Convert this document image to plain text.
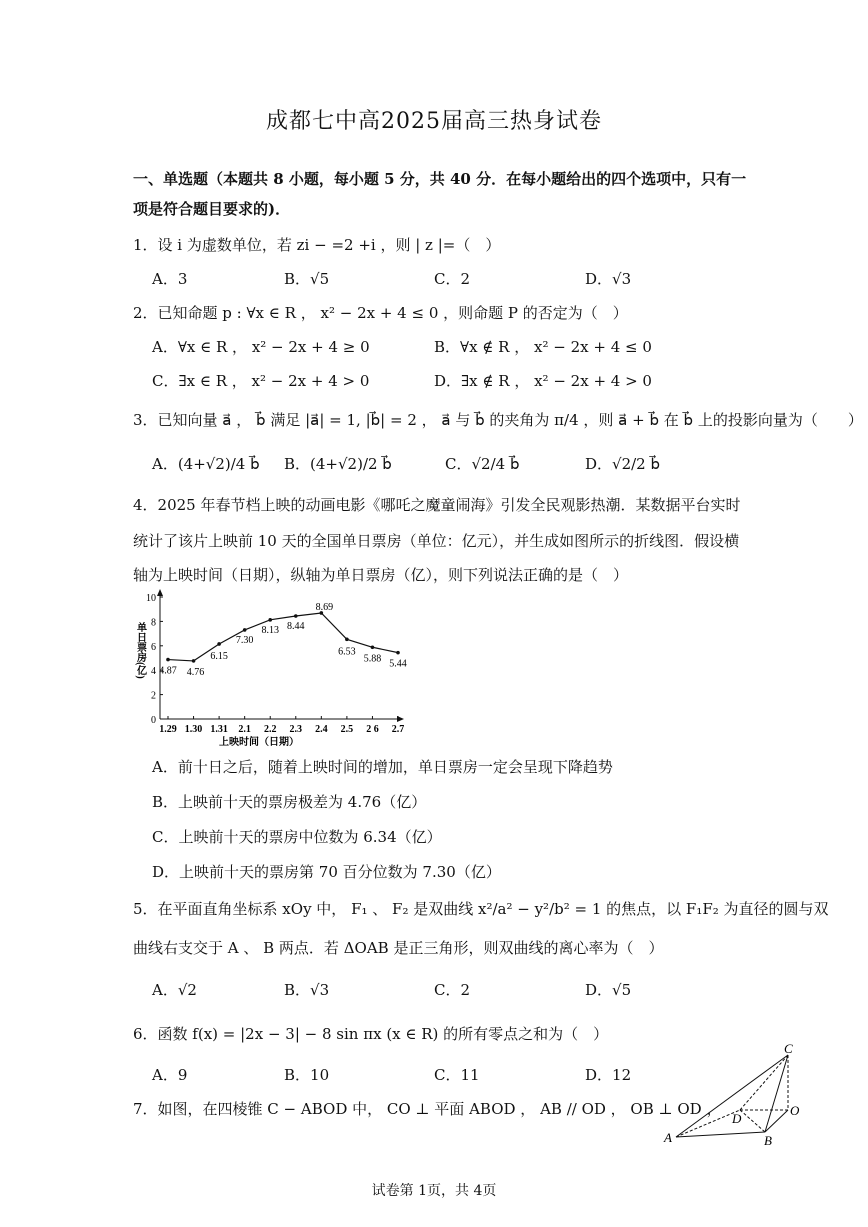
成都七中高2025届高三热身试卷
一、单选题（本题共 8 小题，每小题 5 分，共 40 分．在每小题给出的四个选项中，只有一
项是符合题目要求的)．
1．设 i 为虚数单位，若 zi − =2 +i ，则 | z |=（　）
A．3	B．√5	C．2	D．√3
2．已知命题 p : ∀x ∈ R ， x² − 2x + 4 ≤ 0 ，则命题 P 的否定为（　）
A．∀x ∈ R ， x² − 2x + 4 ≥ 0	B．∀x ∉ R ， x² − 2x + 4 ≤ 0
C．∃x ∈ R ， x² − 2x + 4 > 0	D．∃x ∉ R ， x² − 2x + 4 > 0
3．已知向量 a⃗ ， b⃗ 满足 |a⃗| = 1, |b⃗| = 2 ， a⃗ 与 b⃗ 的夹角为 π/4 ，则 a⃗ + b⃗ 在 b⃗ 上的投影向量为（　　）
A．(4+√2)/4 b⃗ B．(4+√2)/2 b⃗	C．√2/4 b⃗	D．√2/2 b⃗
4．2025 年春节档上映的动画电影《哪吒之魔童闹海》引发全民观影热潮．某数据平台实时
统计了该片上映前 10 天的全国单日票房（单位：亿元），并生成如图所示的折线图．假设横
轴为上映时间（日期），纵轴为单日票房（亿），则下列说法正确的是（　）
0
2
4
6
8
10
单日票房(亿)
1.29 1.30 1.31 2.1 2.2 2.3 2.4 2.5 2 6 2.7
上映时间（日期）
4.87 4.76
6.15
7.30
8.13 8.44
8.69
6.53
5.88 5.44
A．前十日之后，随着上映时间的增加，单日票房一定会呈现下降趋势
B．上映前十天的票房极差为 4.76（亿）
C．上映前十天的票房中位数为 6.34（亿）
D．上映前十天的票房第 70 百分位数为 7.30（亿）
5．在平面直角坐标系 xOy 中， F₁ 、 F₂ 是双曲线 x²/a² − y²/b² = 1 的焦点，以 F₁F₂ 为直径的圆与双
曲线右支交于 A 、 B 两点．若 ΔOAB 是正三角形，则双曲线的离心率为（　）
A．√2	B．√3	C．2	D．√5
6．函数 f(x) = |2x − 3| − 8 sin πx (x ∈ R) 的所有零点之和为（　）
A．9	B．10	C．11	D．12
7．如图，在四棱锥 C − ABOD 中， CO ⊥ 平面 ABOD ， AB // OD ， OB ⊥ OD ，
C
O
D
A	B
试卷第 1页，共 4页
